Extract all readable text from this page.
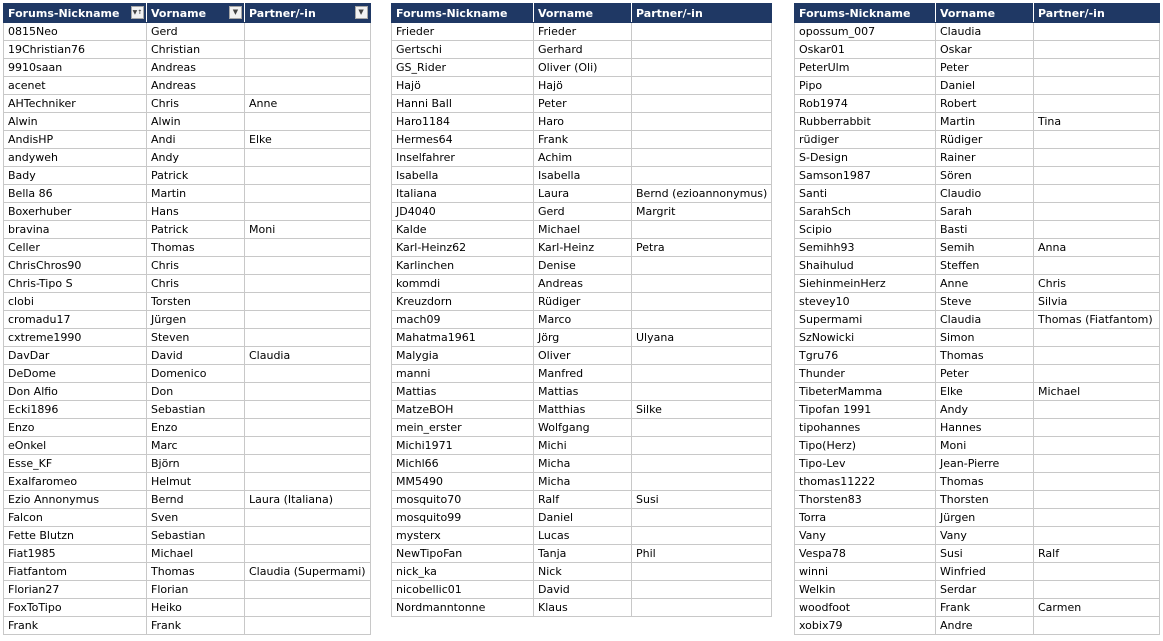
Forums-Nickname ▼↑	Vorname ▼	Partner/-in ▼

0815Neo	Gerd	
19Christian76	Christian	
9910saan	Andreas	
acenet	Andreas	
AHTechniker	Chris	Anne
Alwin	Alwin	
AndisHP	Andi	Elke
andyweh	Andy	
Bady	Patrick	
Bella 86	Martin	
Boxerhuber	Hans	
bravina	Patrick	Moni
Celler	Thomas	
ChrisChros90	Chris	
Chris-Tipo S	Chris	
clobi	Torsten	
cromadu17	Jürgen	
cxtreme1990	Steven	
DavDar	David	Claudia
DeDome	Domenico	
Don Alfio	Don	
Ecki1896	Sebastian	
Enzo	Enzo	
eOnkel	Marc	
Esse_KF	Björn	
Exalfaromeo	Helmut	
Ezio Annonymus	Bernd	Laura (Italiana)
Falcon	Sven	
Fette Blutzn	Sebastian	
Fiat1985	Michael	
Fiatfantom	Thomas	Claudia (Supermami)
Florian27	Florian	
FoxToTipo	Heiko	
Frank	Frank	
Forums-Nickname	Vorname	Partner/-in
Frieder	Frieder	
Gertschi	Gerhard	
GS_Rider	Oliver (Oli)	
Hajö	Hajö	
Hanni Ball	Peter	
Haro1184	Haro	
Hermes64	Frank	
Inselfahrer	Achim	
Isabella	Isabella	
Italiana	Laura	Bernd (ezioannonymus)
JD4040	Gerd	Margrit
Kalde	Michael	
Karl-Heinz62	Karl-Heinz	Petra
Karlinchen	Denise	
kommdi	Andreas	
Kreuzdorn	Rüdiger	
mach09	Marco	
Mahatma1961	Jörg	Ulyana
Malygia	Oliver	
manni	Manfred	
Mattias	Mattias	
MatzeBOH	Matthias	Silke
mein_erster	Wolfgang	
Michi1971	Michi	
Michl66	Micha	
MM5490	Micha	
mosquito70	Ralf	Susi
mosquito99	Daniel	
mysterx	Lucas	
NewTipoFan	Tanja	Phil
nick_ka	Nick	
nicobellic01	David	
Nordmanntonne	Klaus	
Forums-Nickname	Vorname	Partner/-in
opossum_007	Claudia	
Oskar01	Oskar	
PeterUlm	Peter	
Pipo	Daniel	
Rob1974	Robert	
Rubberrabbit	Martin	Tina
rüdiger	Rüdiger	
S-Design	Rainer	
Samson1987	Sören	
Santi	Claudio	
SarahSch	Sarah	
Scipio	Basti	
Semihh93	Semih	Anna
Shaihulud	Steffen	
SiehinmeinHerz	Anne	Chris
stevey10	Steve	Silvia
Supermami	Claudia	Thomas (Fiatfantom)
SzNowicki	Simon	
Tgru76	Thomas	
Thunder	Peter	
TibeterMamma	Elke	Michael
Tipofan 1991	Andy	
tipohannes	Hannes	
Tipo(Herz)	Moni	
Tipo-Lev	Jean-Pierre	
thomas11222	Thomas	
Thorsten83	Thorsten	
Torra	Jürgen	
Vany	Vany	
Vespa78	Susi	Ralf
winni	Winfried	
Welkin	Serdar	
woodfoot	Frank	Carmen
xobix79	Andre	
